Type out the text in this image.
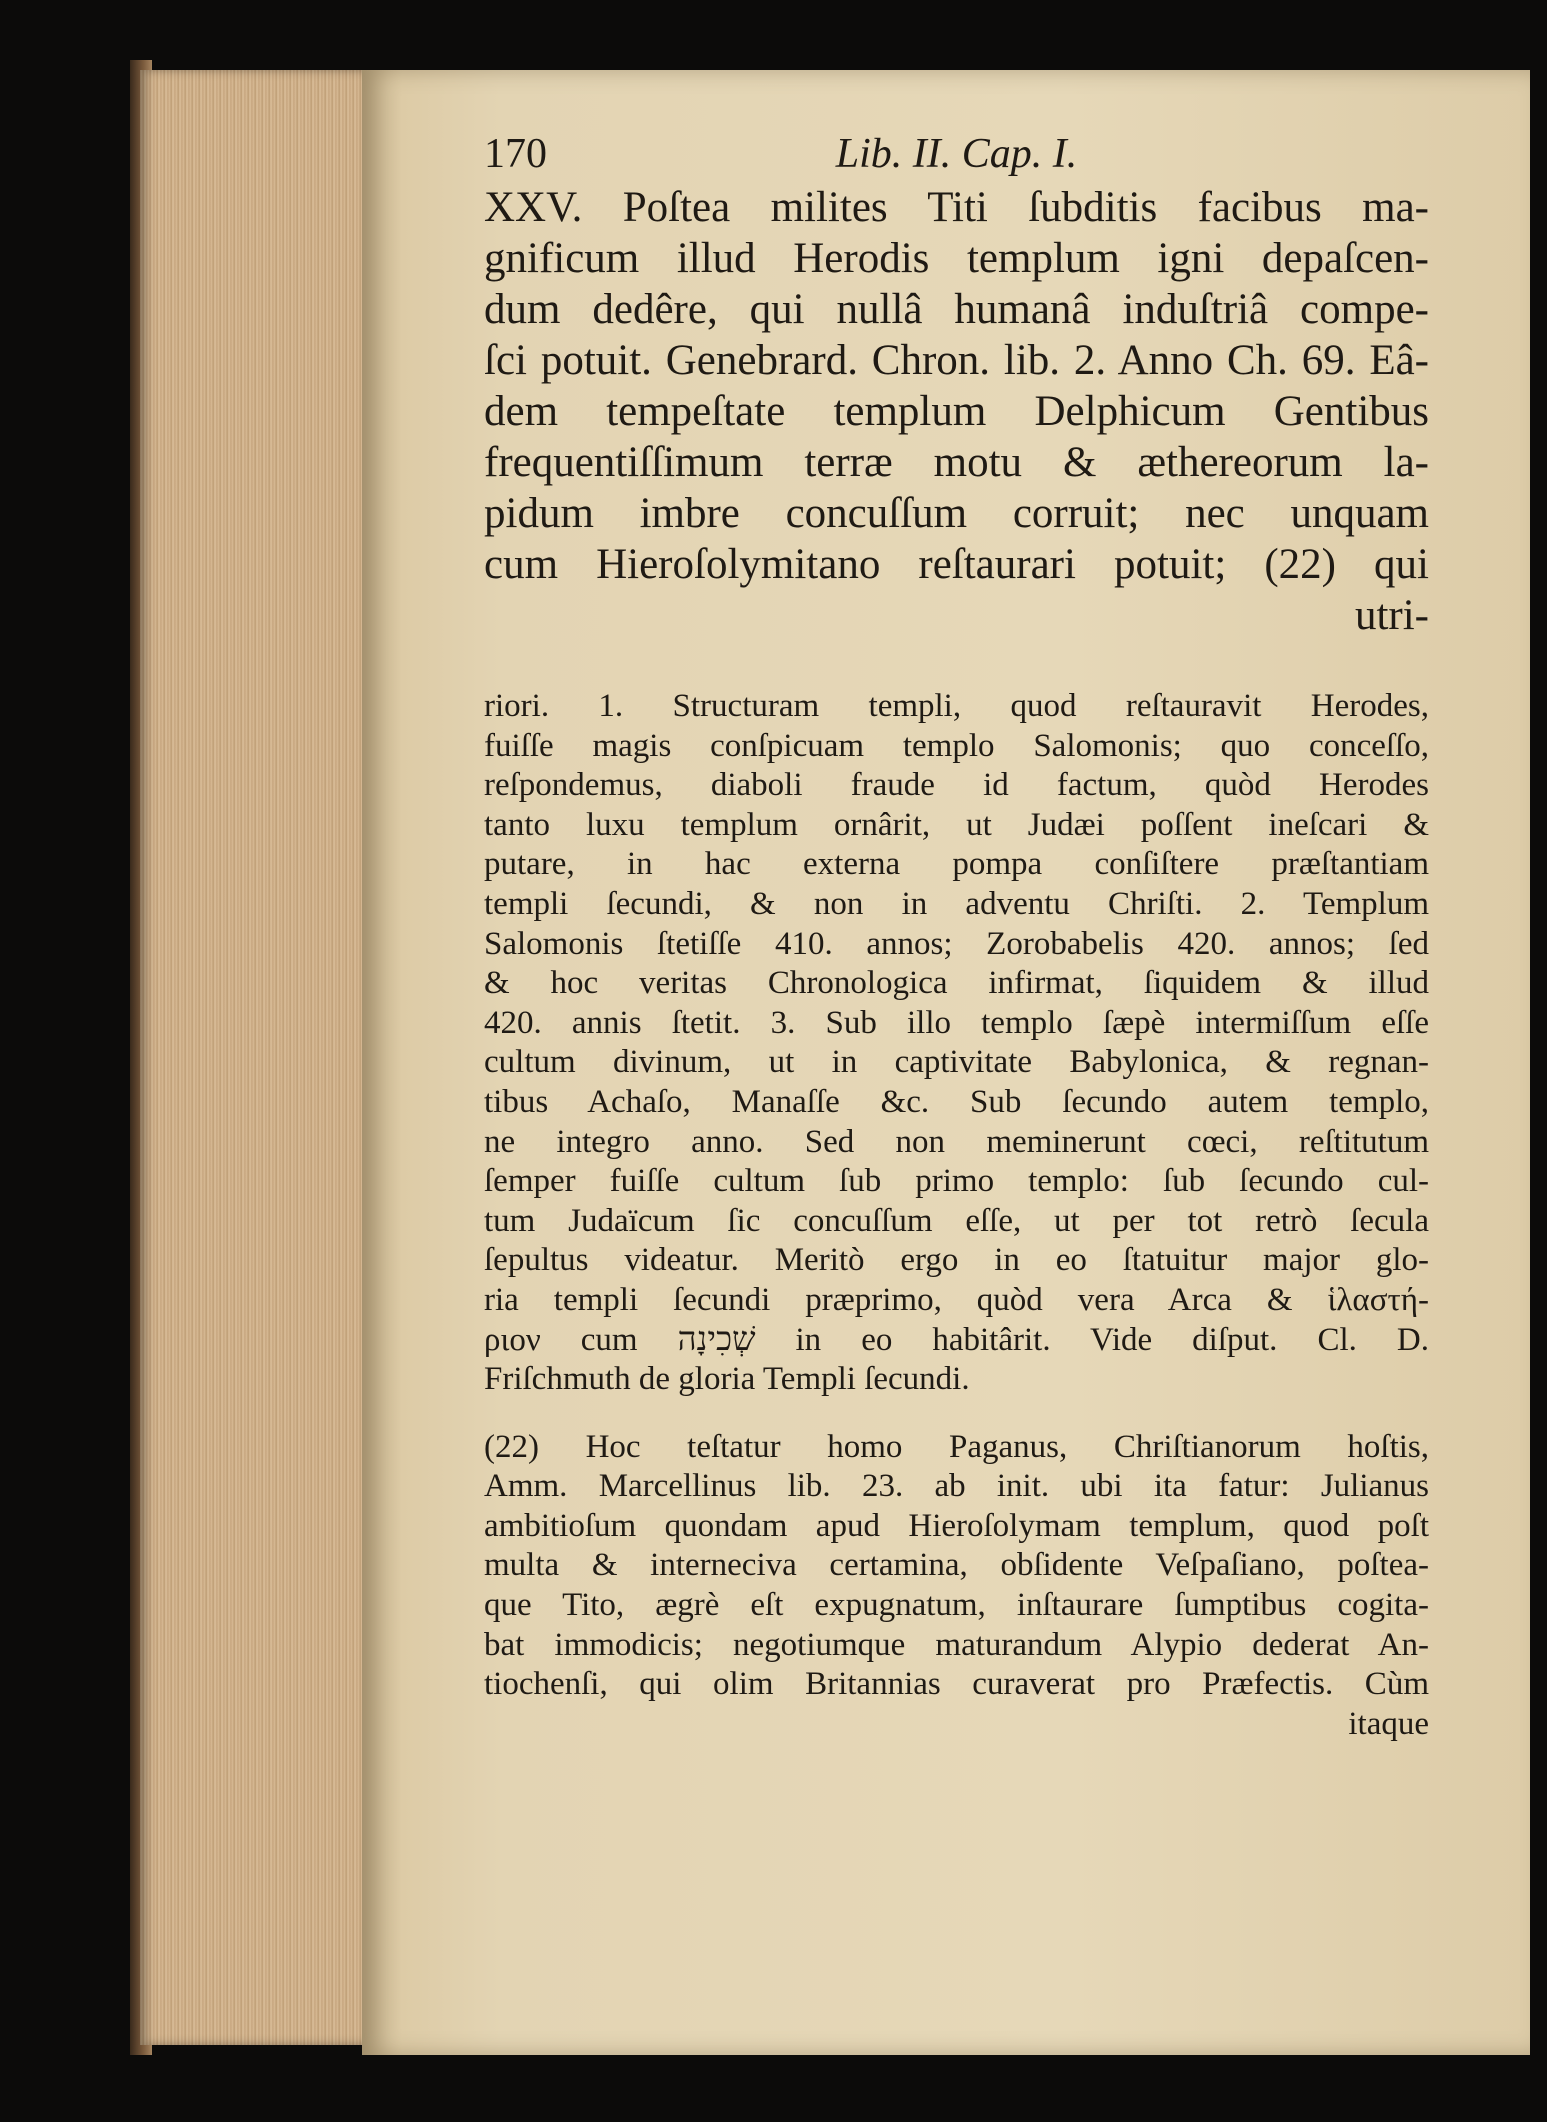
170	Lib. II. Cap. I.
XXV. Poſtea milites Titi ſubditis facibus ma-
gnificum illud Herodis templum igni depaſcen-
dum dedêre, qui nullâ humanâ induſtriâ compe-
ſci potuit. Genebrard. Chron. lib. 2. Anno Ch. 69. Eâ-
dem tempeſtate templum Delphicum Gentibus
frequentiſſimum terræ motu & æthereorum la-
pidum imbre concuſſum corruit; nec unquam
cum Hieroſolymitano reſtaurari potuit; (22) qui
utri-
riori. 1. Structuram templi, quod reſtauravit Herodes,
fuiſſe magis conſpicuam templo Salomonis; quo conceſſo,
reſpondemus, diaboli fraude id factum, quòd Herodes
tanto luxu templum ornârit, ut Judæi poſſent ineſcari &
putare, in hac externa pompa conſiſtere præſtantiam
templi ſecundi, & non in adventu Chriſti. 2. Templum
Salomonis ſtetiſſe 410. annos; Zorobabelis 420. annos; ſed
& hoc veritas Chronologica infirmat, ſiquidem & illud
420. annis ſtetit. 3. Sub illo templo ſæpè intermiſſum eſſe
cultum divinum, ut in captivitate Babylonica, & regnan-
tibus Achaſo, Manaſſe &c. Sub ſecundo autem templo,
ne integro anno. Sed non meminerunt cœci, reſtitutum
ſemper fuiſſe cultum ſub primo templo: ſub ſecundo cul-
tum Judaïcum ſic concuſſum eſſe, ut per tot retrò ſecula
ſepultus videatur. Meritò ergo in eo ſtatuitur major glo-
ria templi ſecundi præprimo, quòd vera Arca & ἱλαστή-
ριον cum שְׁכִינָה in eo habitârit. Vide diſput. Cl. D.
Friſchmuth de gloria Templi ſecundi.
(22) Hoc teſtatur homo Paganus, Chriſtianorum hoſtis,
Amm. Marcellinus lib. 23. ab init. ubi ita fatur: Julianus
ambitioſum quondam apud Hieroſolymam templum, quod poſt
multa & interneciva certamina, obſidente Veſpaſiano, poſtea-
que Tito, ægrè eſt expugnatum, inſtaurare ſumptibus cogita-
bat immodicis; negotiumque maturandum Alypio dederat An-
tiochenſi, qui olim Britannias curaverat pro Præfectis. Cùm
itaque
